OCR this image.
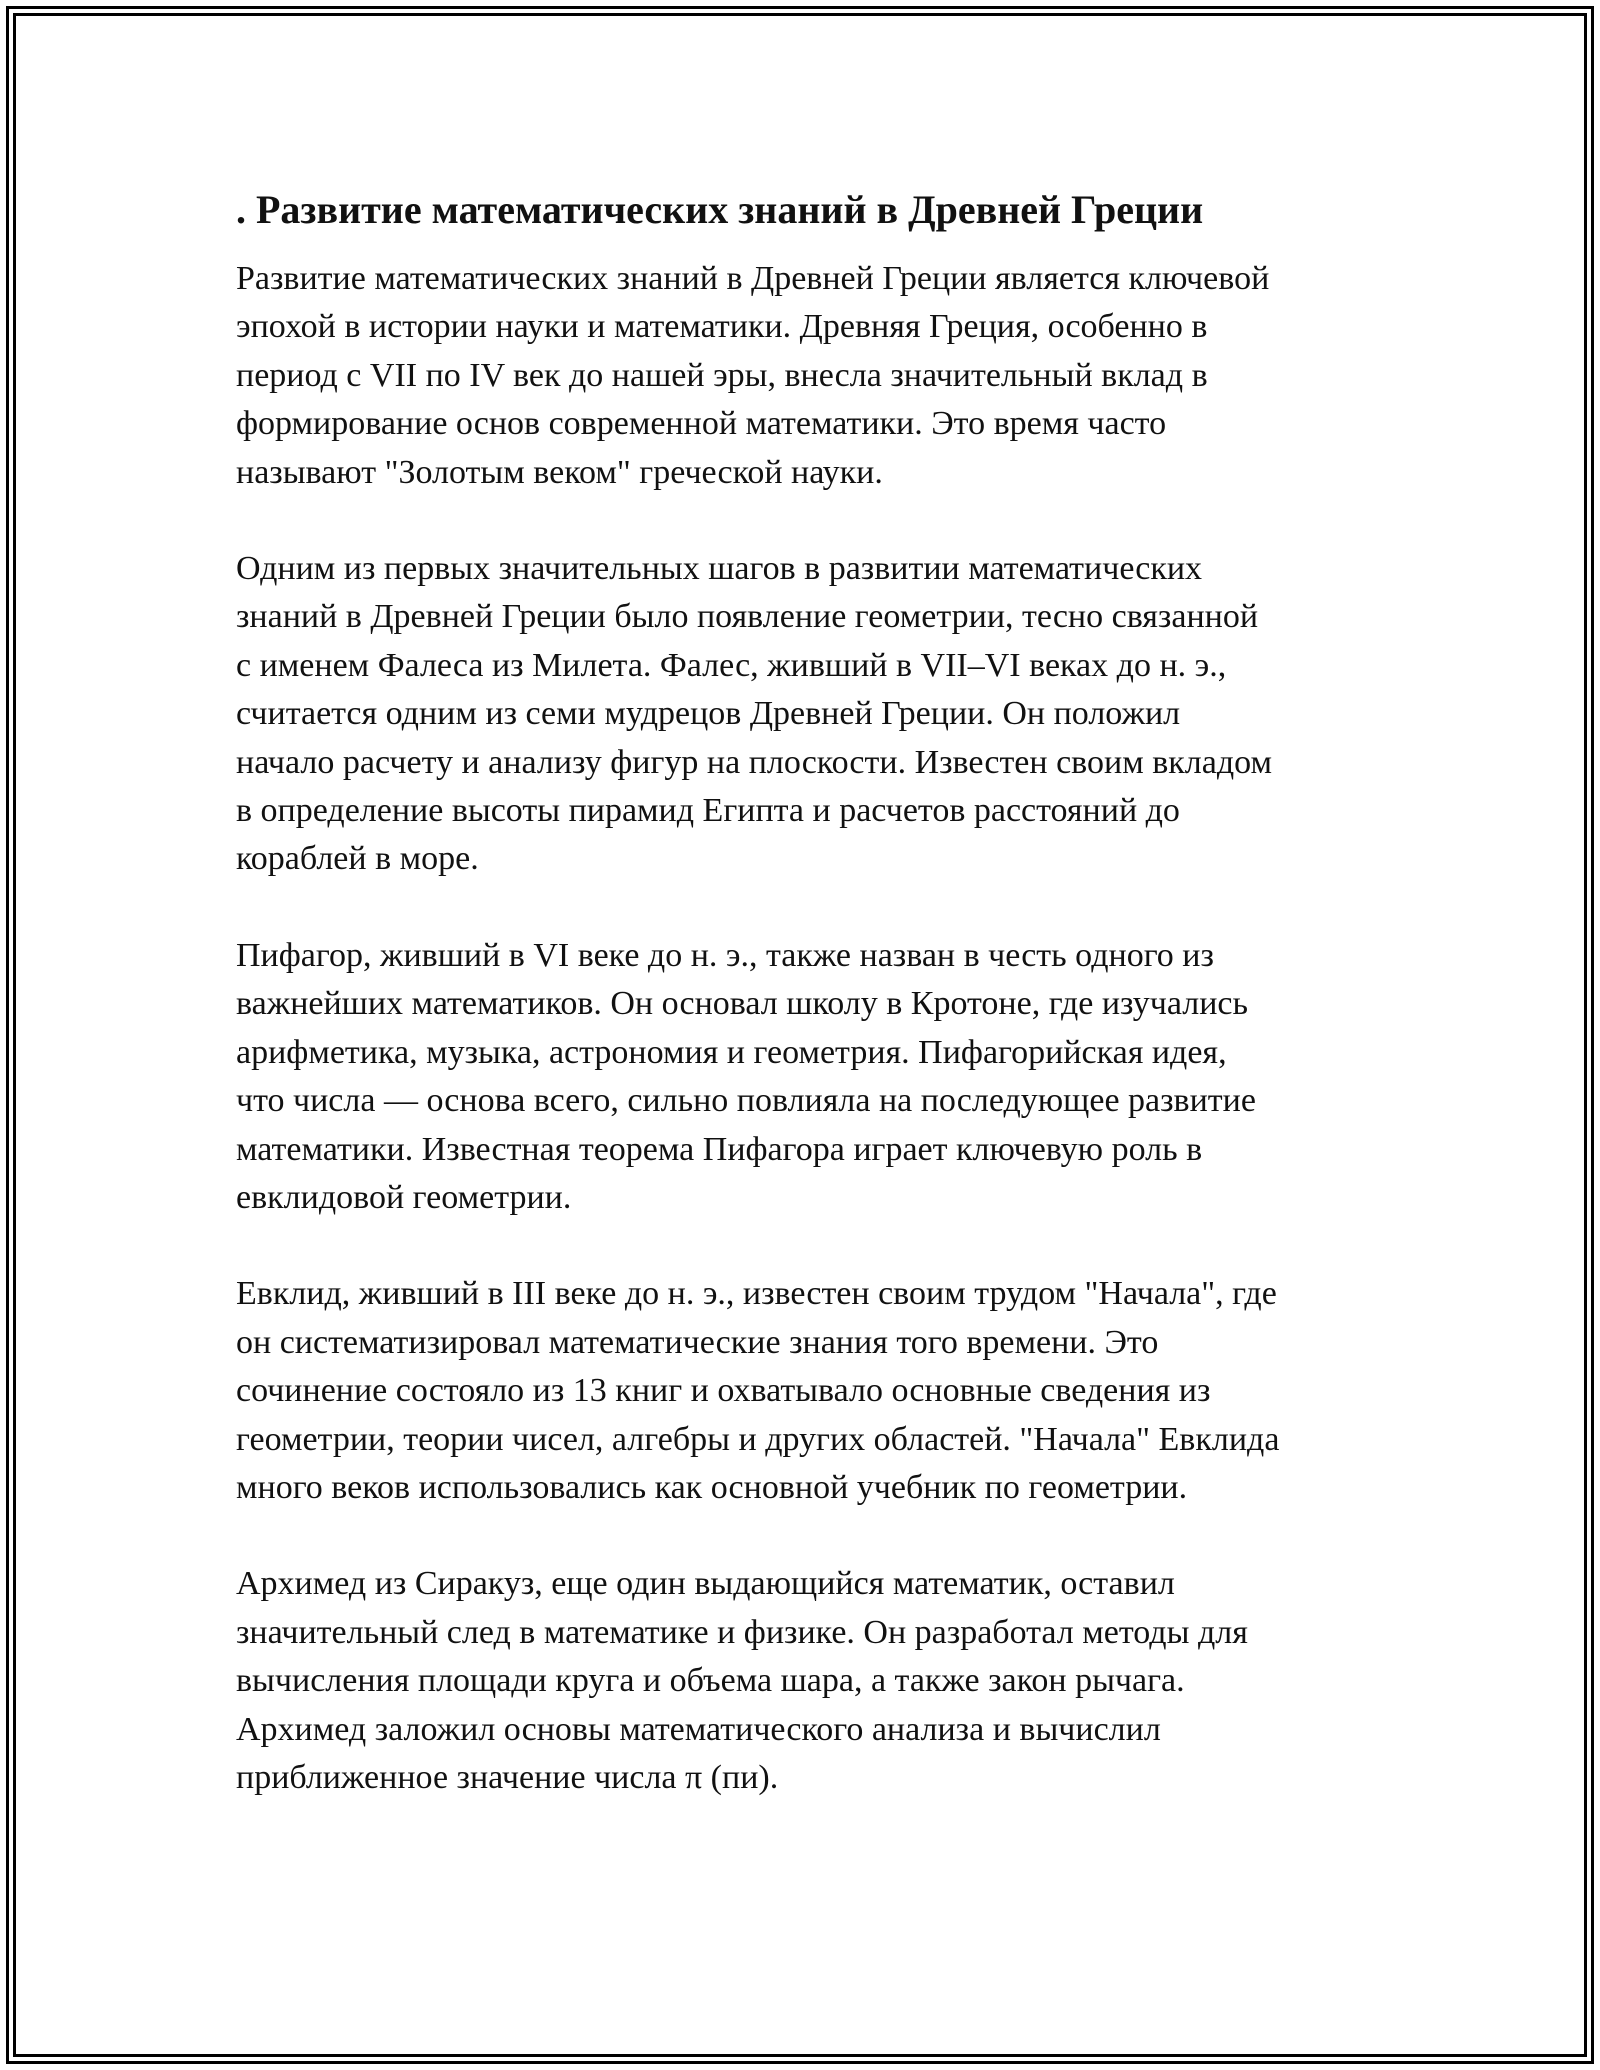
. Развитие математических знаний в Древней Греции
Развитие математических знаний в Древней Греции является ключевой
эпохой в истории науки и математики. Древняя Греция, особенно в
период с VII по IV век до нашей эры, внесла значительный вклад в
формирование основ современной математики. Это время часто
называют "Золотым веком" греческой науки.
Одним из первых значительных шагов в развитии математических
знаний в Древней Греции было появление геометрии, тесно связанной
с именем Фалеса из Милета. Фалес, живший в VII–VI веках до н. э.,
считается одним из семи мудрецов Древней Греции. Он положил
начало расчету и анализу фигур на плоскости. Известен своим вкладом
в определение высоты пирамид Египта и расчетов расстояний до
кораблей в море.
Пифагор, живший в VI веке до н. э., также назван в честь одного из
важнейших математиков. Он основал школу в Кротоне, где изучались
арифметика, музыка, астрономия и геометрия. Пифагорийская идея,
что числа — основа всего, сильно повлияла на последующее развитие
математики. Известная теорема Пифагора играет ключевую роль в
евклидовой геометрии.
Евклид, живший в III веке до н. э., известен своим трудом "Начала", где
он систематизировал математические знания того времени. Это
сочинение состояло из 13 книг и охватывало основные сведения из
геометрии, теории чисел, алгебры и других областей. "Начала" Евклида
много веков использовались как основной учебник по геометрии.
Архимед из Сиракуз, еще один выдающийся математик, оставил
значительный след в математике и физике. Он разработал методы для
вычисления площади круга и объема шара, а также закон рычага.
Архимед заложил основы математического анализа и вычислил
приближенное значение числа π (пи).
